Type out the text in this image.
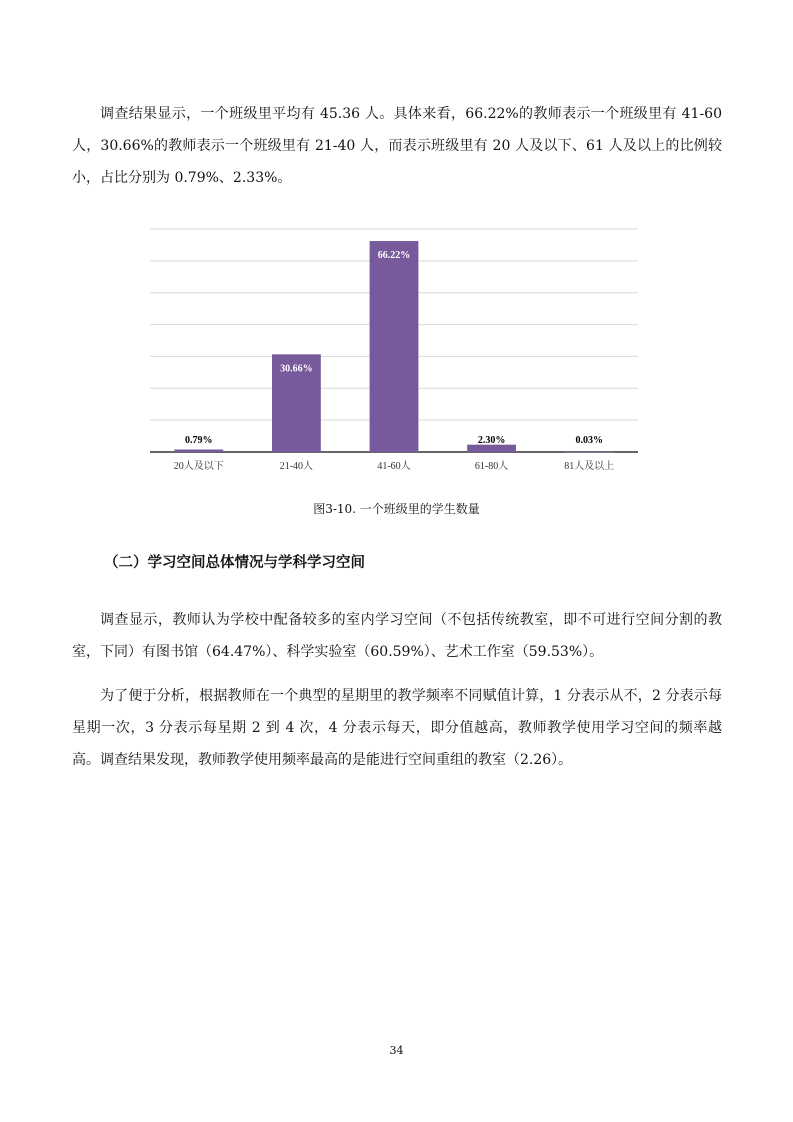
调查结果显示，一个班级里平均有 45.36 人。具体来看，66.22%的教师表示一个班级里有 41-60 人，30.66%的教师表示一个班级里有 21-40 人，而表示班级里有 20 人及以下、61 人及以上的比例较小，占比分别为 0.79%、2.33%。

0.79%
20人及以下
30.66%
21-40人
66.22%
41-60人
2.30%
61-80人
0.03%
81人及以上
图3-10. 一个班级里的学生数量
（二）学习空间总体情况与学科学习空间

调查显示，教师认为学校中配备较多的室内学习空间（不包括传统教室，即不可进行空间分割的教室，下同）有图书馆（64.47%）、科学实验室（60.59%）、艺术工作室（59.53%）。

为了便于分析，根据教师在一个典型的星期里的教学频率不同赋值计算，1 分表示从不，2 分表示每星期一次，3 分表示每星期 2 到 4 次，4 分表示每天，即分值越高，教师教学使用学习空间的频率越高。调查结果发现，教师教学使用频率最高的是能进行空间重组的教室（2.26）。

34
